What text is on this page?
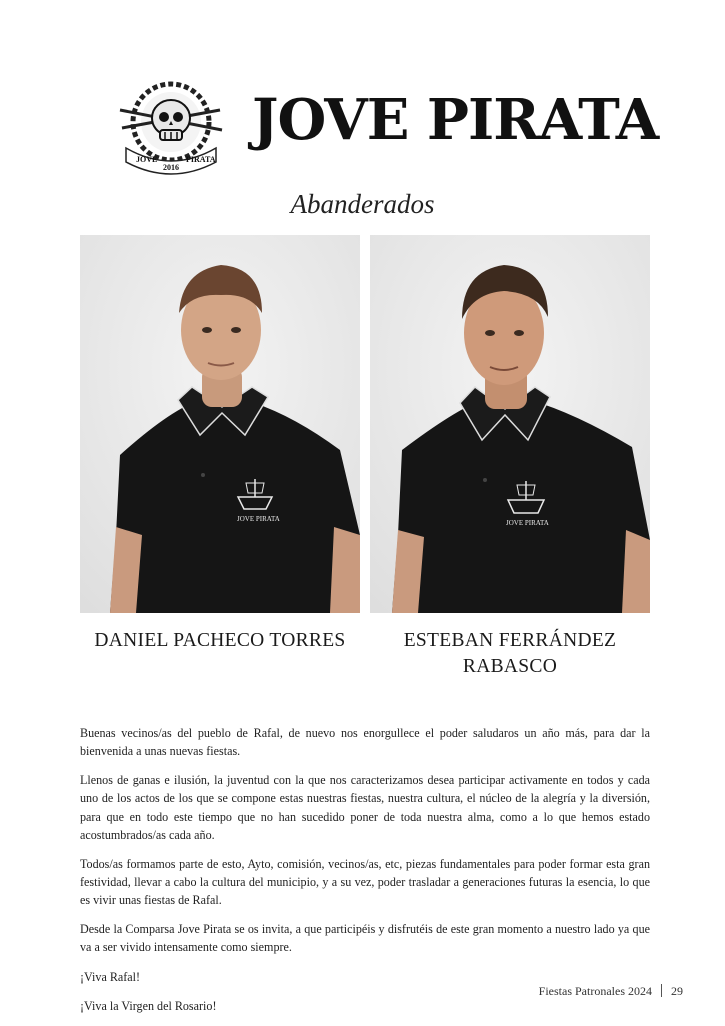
JOVE
2016
PIRATA
JOVE PIRATA
Abanderados
JOVE PIRATA	JOVE PIRATA
DANIEL PACHECO TORRES	ESTEBAN FERRÁNDEZ RABASCO

Buenas vecinos/as del pueblo de Rafal, de nuevo nos enorgullece el poder saludaros un año más, para dar la bienvenida a unas nuevas fiestas.

Llenos de ganas e ilusión, la juventud con la que nos caracterizamos desea participar activamente en todos y cada uno de los actos de los que se compone estas nuestras fiestas, nuestra cultura, el núcleo de la alegría y la diversión, para que en todo este tiempo que no han sucedido poner de toda nuestra alma, como a lo que hemos estado acostumbrados/as cada año.

Todos/as formamos parte de esto, Ayto, comisión, vecinos/as, etc, piezas fundamentales para poder formar esta gran festividad, llevar a cabo la cultura del municipio, y a su vez, poder trasladar a generaciones futuras la esencia, lo que es vivir unas fiestas de Rafal.

Desde la Comparsa Jove Pirata se os invita, a que participéis y disfrutéis de este gran momento a nuestro lado ya que va a ser vivido intensamente como siempre.

¡Viva Rafal!

¡Viva la Virgen del Rosario!

Fiestas Patronales 2024 29
